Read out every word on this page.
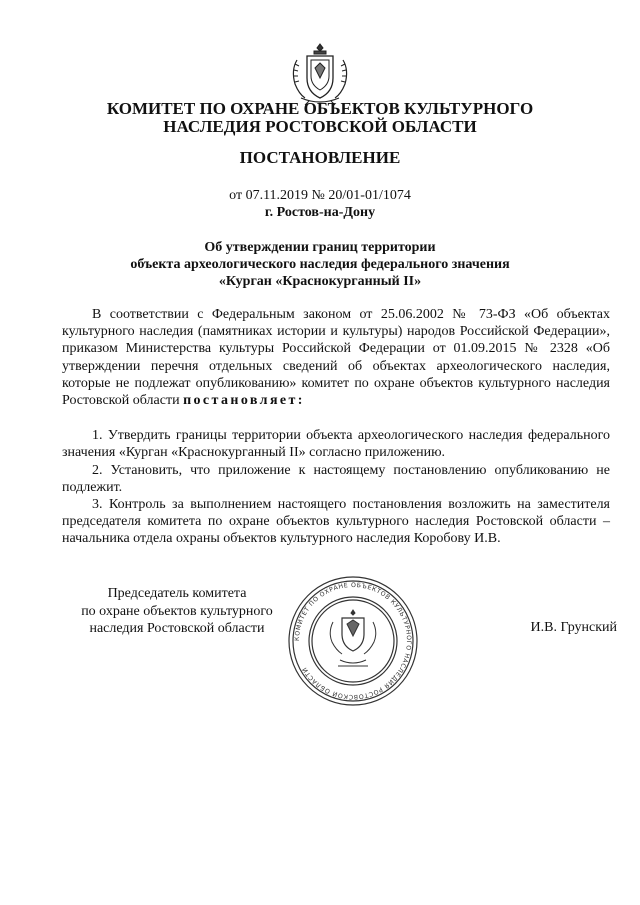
КОМИТЕТ ПО ОХРАНЕ ОБЪЕКТОВ КУЛЬТУРНОГО
НАСЛЕДИЯ РОСТОВСКОЙ ОБЛАСТИ
ПОСТАНОВЛЕНИЕ
от 07.11.2019 № 20/01-01/1074
г. Ростов-на-Дону
Об утверждении границ территории
объекта археологического наследия федерального значения
«Курган «Краснокурганный II»

В соответствии с Федеральным законом от 25.06.2002 № 73-ФЗ «Об объектах культурного наследия (памятниках истории и культуры) народов Российской Федерации», приказом Министерства культуры Российской Федерации от 01.09.2015 № 2328 «Об утверждении перечня отдельных сведений об объектах археологического наследия, которые не подлежат опубликованию» комитет по охране объектов культурного наследия Ростовской области постановляет:

1. Утвердить границы территории объекта археологического наследия федерального значения «Курган «Краснокурганный II» согласно приложению.

2. Установить, что приложение к настоящему постановлению опубликованию не подлежит.

3. Контроль за выполнением настоящего постановления возложить на заместителя председателя комитета по охране объектов культурного наследия Ростовской области – начальника отдела охраны объектов культурного наследия Коробову И.В.

Председатель комитета
по охране объектов культурного
наследия Ростовской области
КОМИТЕТ ПО ОХРАНЕ ОБЪЕКТОВ КУЛЬТУРНОГО НАСЛЕДИЯ РОСТОВСКОЙ ОБЛАСТИ
И.В. Грунский
